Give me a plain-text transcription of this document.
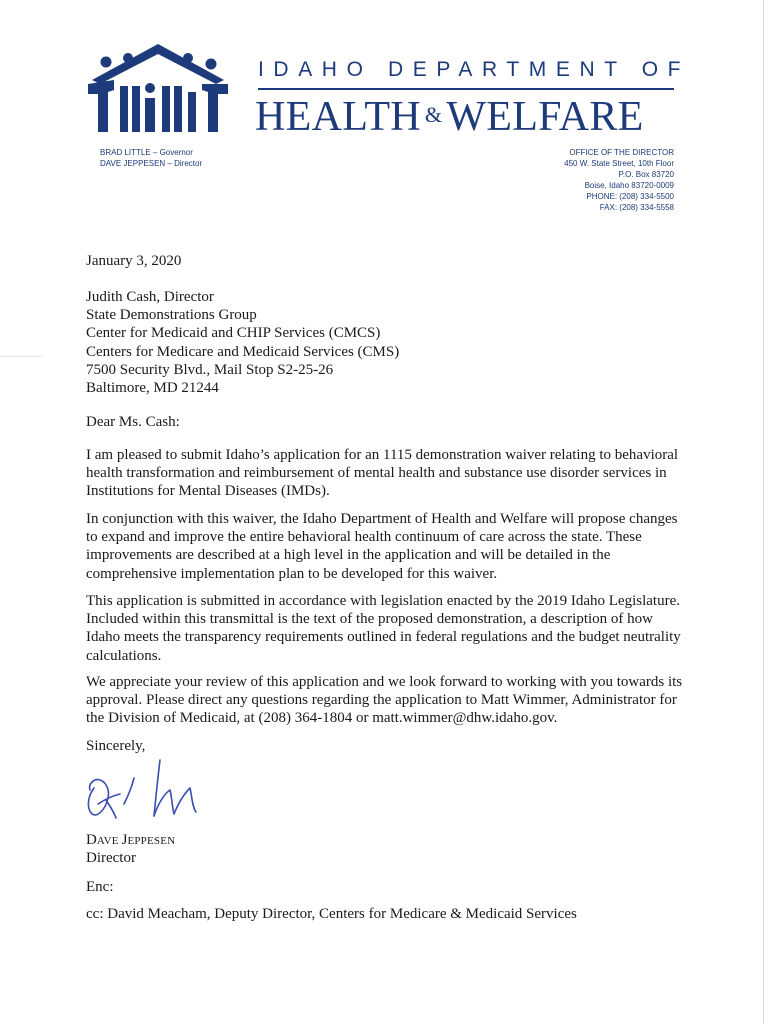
IDAHO DEPARTMENT OF
HEALTH &WELFARE
BRAD LITTLE – Governor
DAVE JEPPESEN – Director
OFFICE OF THE DIRECTOR
450 W. State Street, 10th Floor
P.O. Box 83720
Boise, Idaho 83720-0009
PHONE: (208) 334-5500
FAX: (208) 334-5558
January 3, 2020
Judith Cash, Director
State Demonstrations Group
Center for Medicaid and CHIP Services (CMCS)
Centers for Medicare and Medicaid Services (CMS)
7500 Security Blvd., Mail Stop S2-25-26
Baltimore, MD 21244
Dear Ms. Cash:
I am pleased to submit Idaho’s application for an 1115 demonstration waiver relating to behavioral health transformation and reimbursement of mental health and substance use disorder services in Institutions for Mental Diseases (IMDs).
In conjunction with this waiver, the Idaho Department of Health and Welfare will propose changes to expand and improve the entire behavioral health continuum of care across the state. These improvements are described at a high level in the application and will be detailed in the comprehensive implementation plan to be developed for this waiver.
This application is submitted in accordance with legislation enacted by the 2019 Idaho Legislature. Included within this transmittal is the text of the proposed demonstration, a description of how Idaho meets the transparency requirements outlined in federal regulations and the budget neutrality calculations.
We appreciate your review of this application and we look forward to working with you towards its approval. Please direct any questions regarding the application to Matt Wimmer, Administrator for the Division of Medicaid, at (208) 364-1804 or matt.wimmer@dhw.idaho.gov.
Sincerely,
DAVE JEPPESEN
Director
Enc:
cc: David Meacham, Deputy Director, Centers for Medicare & Medicaid Services
